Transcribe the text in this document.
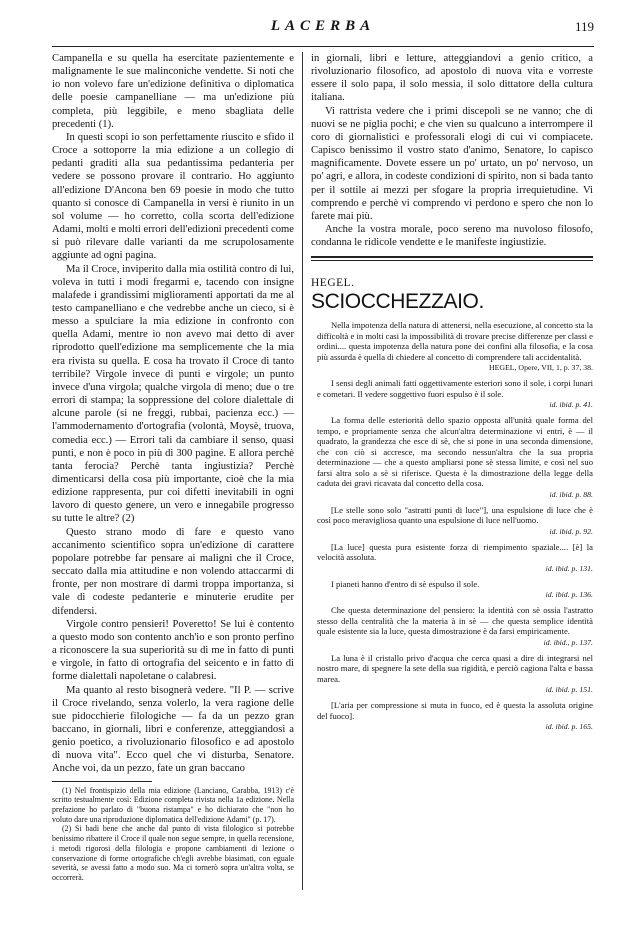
LACERBA	119

Campanella e su quella ha esercitate pazientemente e malignamente le sue malinconiche vendette. Si noti che io non volevo fare un'edizione definitiva o diplomatica delle poesie campanelliane — ma un'edizione più completa, più leggibile, e meno sbagliata delle precedenti (1).

In questi scopi io son perfettamente riuscito e sfido il Croce a sottoporre la mia edizione a un collegio di pedanti graditi alla sua pedantissima pedanteria per vedere se possono provare il contrario. Ho aggiunto all'edizione D'Ancona ben 69 poesie in modo che tutto quanto si conosce di Campanella in versi è riunito in un sol volume — ho corretto, colla scorta dell'edizione Adami, molti e molti errori dell'edizioni precedenti come si può rilevare dalle varianti da me scrupolosamente aggiunte ad ogni pagina.

Ma il Croce, inviperito dalla mia ostilità contro di lui, voleva in tutti i modi fregarmi e, tacendo con insigne malafede i grandissimi miglioramenti apportati da me al testo campanelliano e che vedrebbe anche un cieco, si è messo a spulciare la mia edizione in confronto con quella Adami, mentre io non avevo mai detto di aver riprodotto quell'edizione ma semplicemente che la mia era rivista su quella. E cosa ha trovato il Croce di tanto terribile? Virgole invece di punti e virgole; un punto invece d'una virgola; qualche virgola di meno; due o tre errori di stampa; la soppressione del colore dialettale di alcune parole (si ne freggi, rubbai, pacienza ecc.) — l'ammodernamento d'ortografia (volontà, Moysè, truova, comedia ecc.) — Errori tali da cambiare il senso, quasi punti, e non è poco in più di 300 pagine. E allora perchè tanta ferocia? Perchè tanta ingiustizia? Perchè dimenticarsi della cosa più importante, cioè che la mia edizione rappresenta, pur coi difetti inevitabili in ogni lavoro di questo genere, un vero e innegabile progresso su tutte le altre? (2)

Questo strano modo di fare e questo vano accanimento scientifico sopra un'edizione di carattere popolare potrebbe far pensare ai maligni che il Croce, seccato dalla mia attitudine e non volendo attaccarmi di fronte, per non mostrare di darmi troppa importanza, si vale di codeste pedanterie e minuterie erudite per difendersi.

Virgole contro pensieri! Poveretto! Se lui è contento a questo modo son contento anch'io e son pronto perfino a riconoscere la sua superiorità su di me in fatto di punti e virgole, in fatto di ortografia del seicento e in fatto di forme dialettali napoletane o calabresi.

Ma quanto al resto bisognerà vedere. "Il P. — scrive il Croce rivelando, senza volerlo, la vera ragione delle sue pidocchierie filologiche — fa da un pezzo gran baccano, in giornali, libri e conferenze, atteggiandosi a genio poetico, a rivoluzionario filosofico e ad apostolo di nuova vita". Ecco quel che vi disturba, Senatore. Anche voi, da un pezzo, fate un gran baccano

(1) Nel frontispizio della mia edizione (Lanciano, Carabba, 1913) c'è scritto testualmente così: Edizione completa rivista nella 1a edizione. Nella prefazione ho parlato di "buona ristampa" e ho dichiarato che "non ho voluto dare una riproduzione diplomatica dell'edizione Adami" (p. 17).

(2) Si badi bene che anche dal punto di vista filologico si potrebbe benissimo ribattere il Croce il quale non segue sempre, in quella recensione, i metodi rigorosi della filologia e propone cambiamenti di lezione o conservazione di forme ortografiche ch'egli avrebbe biasimati, con eguale severità, se avessi fatto a modo suo. Ma ci tornerò sopra un'altra volta, se occorrerà.

in giornali, libri e letture, atteggiandovi a genio critico, a rivoluzionario filosofico, ad apostolo di nuova vita e vorreste essere il solo papa, il solo messia, il solo dittatore della cultura italiana.

Vi rattrista vedere che i primi discepoli se ne vanno; che di nuovi se ne piglia pochi; e che vien su qualcuno a interrompere il coro di giornalistici e professorali elogi di cui vi compiacete. Capisco benissimo il vostro stato d'animo, Senatore, lo capisco magnificamente. Dovete essere un po' urtato, un po' nervoso, un po' agri, e allora, in codeste condizioni di spirito, non si bada tanto per il sottile ai mezzi per sfogare la propria irrequietudine. Vi comprendo e perchè vi comprendo vi perdono e spero che non lo farete mai più.

Anche la vostra morale, poco sereno ma nuvoloso filosofo, condanna le ridicole vendette e le manifeste ingiustizie.

HEGEL.
SCIOCCHEZZAIO.

Nella impotenza della natura di attenersi, nella esecuzione, al concetto sta la difficoltà e in molti casi la impossibilità di trovare precise differenze per classi e ordini.... questa impotenza della natura pone dei confini alla filosofia, e la cosa più assurda è quella di chiedere al concetto di comprendere tali accidentalità.

HEGEL, Opere, VII, 1, p. 37, 38.

I sensi degli animali fatti oggettivamente esteriori sono il sole, i corpi lunari e cometari. Il vedere soggettivo fuori espulso è il sole.

id. ibid. p. 41.

La forma delle esteriorità dello spazio opposta all'unità quale forma del tempo, e propriamente senza che alcun'altra determinazione vi entri, è — il quadrato, la grandezza che esce di sè, che si pone in una seconda dimensione, che con ciò si accresce, ma secondo nessun'altra che la sua propria determinazione — che a questo ampliarsi pone sè stessa limite, e così nel suo farsi altra solo a sè si riferisce. Questa è la dimostrazione della legge della caduta dei gravi ricavata dal concetto della cosa.

id. ibid. p. 88.

[Le stelle sono solo "astratti punti di luce"], una espulsione di luce che è così poco meravigliosa quanto una espulsione di luce nell'uomo.

id. ibid. p. 92.

[La luce] questa pura esistente forza di riempimento spaziale.... [è] la velocità assoluta.

id. ibid. p. 131.

I pianeti hanno d'entro di sè espulso il sole.

id. ibid. p. 136.

Che questa determinazione del pensiero: la identità con sè ossia l'astratto stesso della centralità che la materia à in sè — che questa semplice identità quale esistente sia la luce, questa dimostrazione è da farsi empiricamente.

id. ibid., p. 137.

La luna è il cristallo privo d'acqua che cerca quasi a dire di integrarsi nel nostro mare, di spegnere la sete della sua rigidità, e perciò cagiona l'alta e bassa marea.

id. ibid. p. 151.

[L'aria per compressione si muta in fuoco, ed è questa la assoluta origine del fuoco].

id. ibid. p. 165.
